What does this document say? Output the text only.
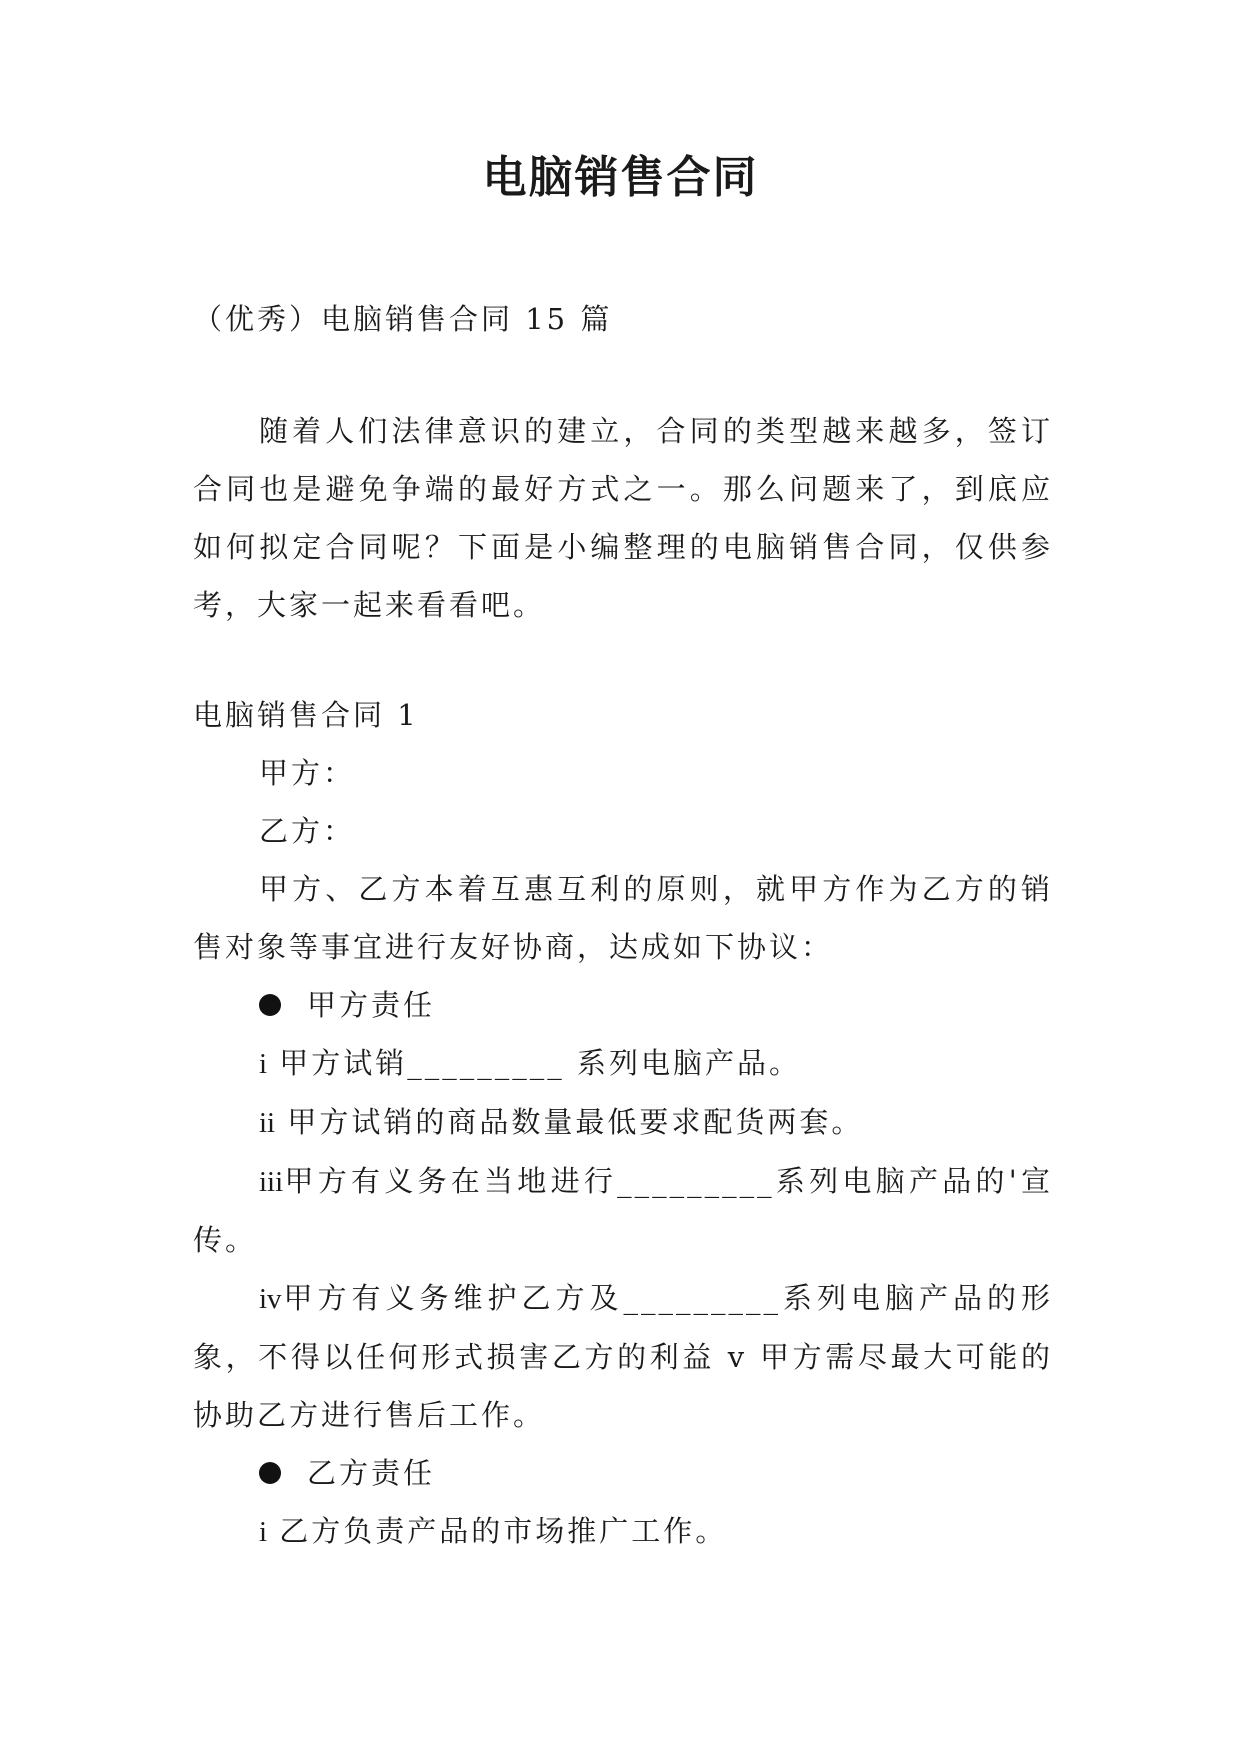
电脑销售合同

（优秀）电脑销售合同 15 篇

随着人们法律意识的建立，合同的类型越来越多，签订合同也是避免争端的最好方式之一。那么问题来了，到底应如何拟定合同呢？下面是小编整理的电脑销售合同，仅供参考，大家一起来看看吧。

电脑销售合同 1

甲方：

乙方：

甲方、乙方本着互惠互利的原则，就甲方作为乙方的销售对象等事宜进行友好协商，达成如下协议：

甲方责任

i 甲方试销_________ 系列电脑产品。

ii 甲方试销的商品数量最低要求配货两套。

iii甲方有义务在当地进行_________系列电脑产品的'宣传。

iv甲方有义务维护乙方及_________系列电脑产品的形象，不得以任何形式损害乙方的利益 v 甲方需尽最大可能的协助乙方进行售后工作。

乙方责任

i 乙方负责产品的市场推广工作。
